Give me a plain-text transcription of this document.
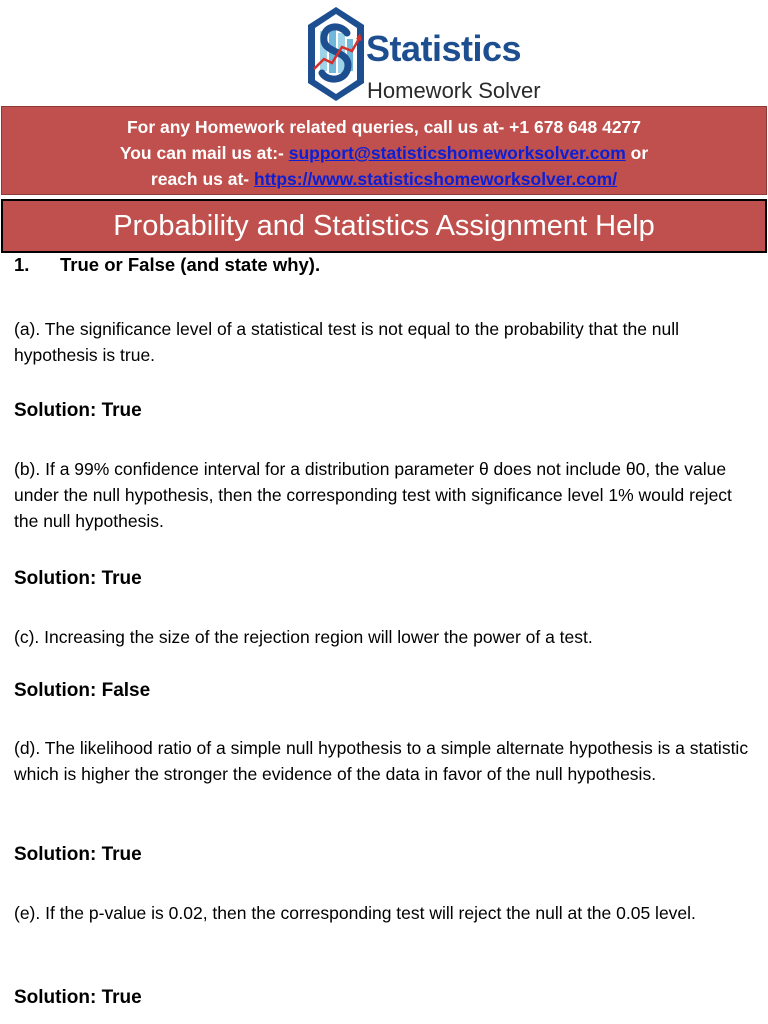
Statistics
Homework Solver
For any Homework related queries, call us at- +1 678 648 4277
You can mail us at:- support@statisticshomeworksolver.com or
reach us at- https://www.statisticshomeworksolver.com/
Probability and Statistics Assignment Help
1. True or False (and state why).
(a). The significance level of a statistical test is not equal to the probability that the null hypothesis is true.
Solution: True
(b). If a 99% confidence interval for a distribution parameter θ does not include θ0, the value under the null hypothesis, then the corresponding test with significance level 1% would reject the null hypothesis.
Solution: True
(c). Increasing the size of the rejection region will lower the power of a test.
Solution: False
(d). The likelihood ratio of a simple null hypothesis to a simple alternate hypothesis is a statistic which is higher the stronger the evidence of the data in favor of the null hypothesis.
Solution: True
(e). If the p-value is 0.02, then the corresponding test will reject the null at the 0.05 level.
Solution: True
